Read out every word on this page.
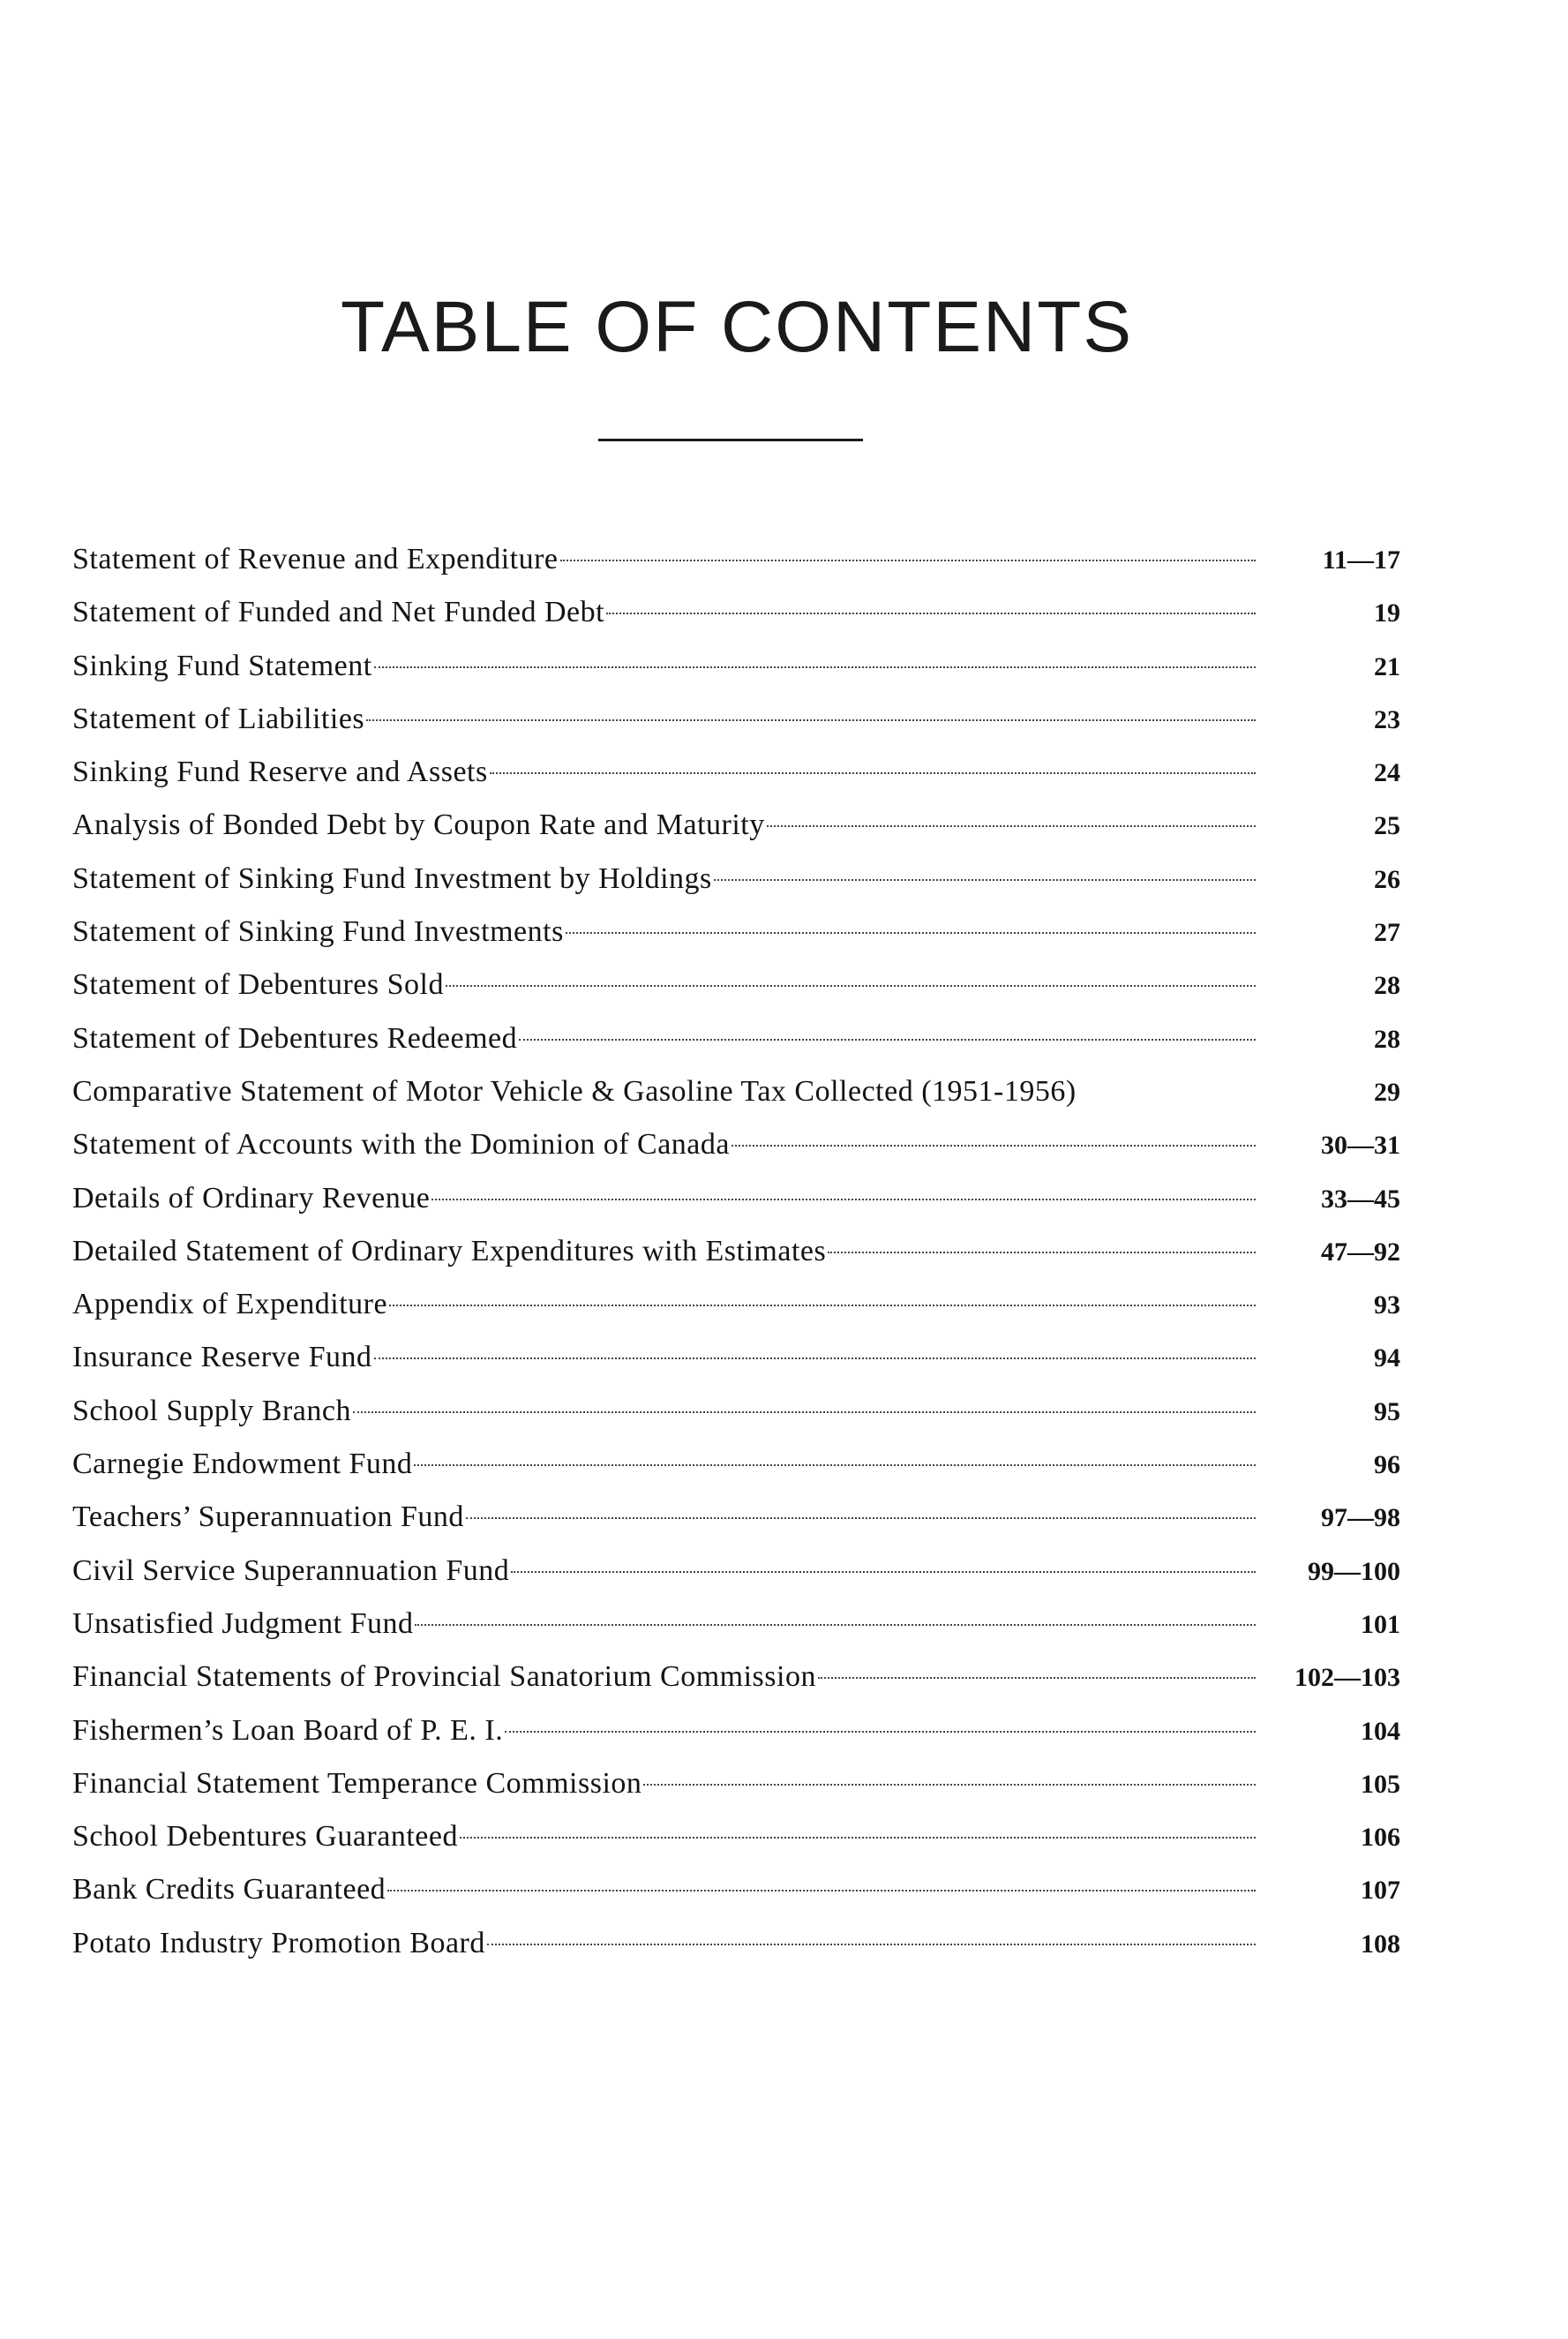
TABLE OF CONTENTS
Statement of Revenue and Expenditure	11—17
Statement of Funded and Net Funded Debt	19
Sinking Fund Statement	21
Statement of Liabilities	23
Sinking Fund Reserve and Assets	24
Analysis of Bonded Debt by Coupon Rate and Maturity	25
Statement of Sinking Fund Investment by Holdings	26
Statement of Sinking Fund Investments	27
Statement of Debentures Sold	28
Statement of Debentures Redeemed	28
Comparative Statement of Motor Vehicle & Gasoline Tax Collected (1951-1956)	29
Statement of Accounts with the Dominion of Canada	30—31
Details of Ordinary Revenue	33—45
Detailed Statement of Ordinary Expenditures with Estimates	47—92
Appendix of Expenditure	93
Insurance Reserve Fund	94
School Supply Branch	95
Carnegie Endowment Fund	96
Teachers’ Superannuation Fund	97—98
Civil Service Superannuation Fund	99—100
Unsatisfied Judgment Fund	101
Financial Statements of Provincial Sanatorium Commission	102—103
Fishermen’s Loan Board of P. E. I.	104
Financial Statement Temperance Commission	105
School Debentures Guaranteed	106
Bank Credits Guaranteed	107
Potato Industry Promotion Board	108
